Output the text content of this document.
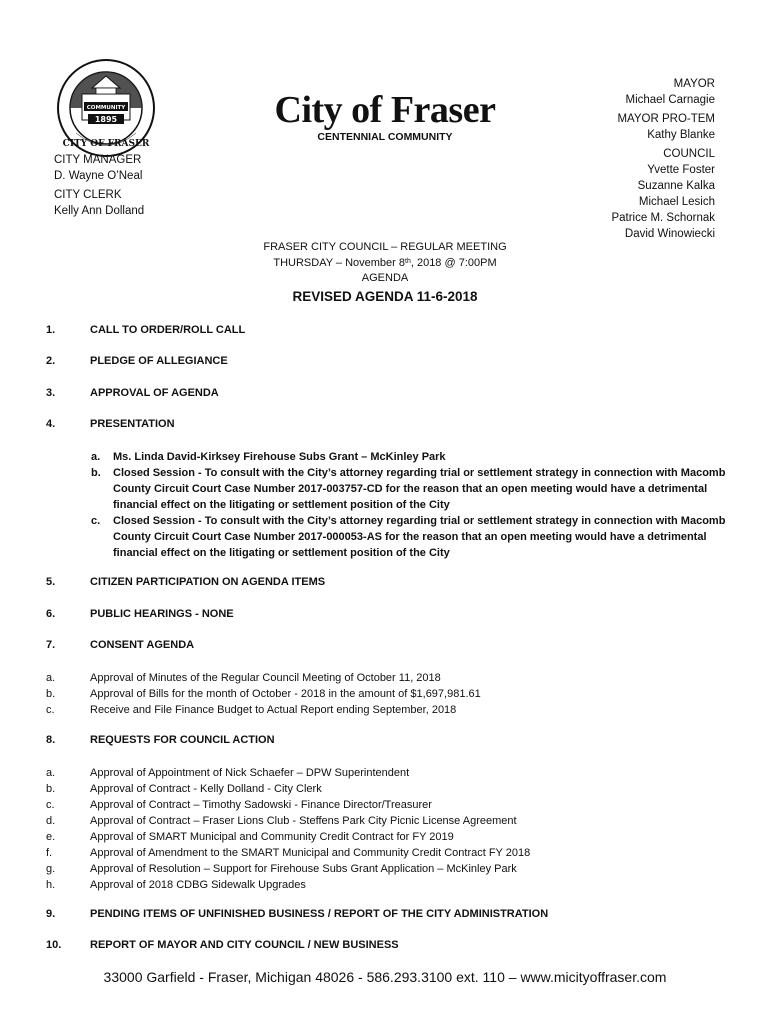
COMMUNITY
1895
CITY OF FRASER
City of Fraser
CENTENNIAL COMMUNITY
CITY MANAGER
D. Wayne O’Neal
CITY CLERK
Kelly Ann Dolland
MAYOR
Michael Carnagie
MAYOR PRO-TEM
Kathy Blanke
COUNCIL
Yvette Foster
Suzanne Kalka
Michael Lesich
Patrice M. Schornak
David Winowiecki
FRASER CITY COUNCIL – REGULAR MEETING
THURSDAY – November 8th, 2018 @ 7:00PM
AGENDA
REVISED AGENDA 11-6-2018
1.	CALL TO ORDER/ROLL CALL
2.	PLEDGE OF ALLEGIANCE
3.	APPROVAL OF AGENDA
4.	PRESENTATION
a. Ms. Linda David-Kirksey Firehouse Subs Grant – McKinley Park
b. Closed Session - To consult with the City’s attorney regarding trial or settlement strategy in connection with Macomb County Circuit Court Case Number 2017-003757-CD for the reason that an open meeting would have a detrimental financial effect on the litigating or settlement position of the City
c. Closed Session - To consult with the City’s attorney regarding trial or settlement strategy in connection with Macomb County Circuit Court Case Number 2017-000053-AS for the reason that an open meeting would have a detrimental financial effect on the litigating or settlement position of the City
5.	CITIZEN PARTICIPATION ON AGENDA ITEMS
6.	PUBLIC HEARINGS - NONE
7.	CONSENT AGENDA
a.	Approval of Minutes of the Regular Council Meeting of October 11, 2018
b.	Approval of Bills for the month of October - 2018 in the amount of $1,697,981.61
c.	Receive and File Finance Budget to Actual Report ending September, 2018
8.	REQUESTS FOR COUNCIL ACTION
a.	Approval of Appointment of Nick Schaefer – DPW Superintendent
b.	Approval of Contract - Kelly Dolland - City Clerk
c.	Approval of Contract – Timothy Sadowski - Finance Director/Treasurer
d.	Approval of Contract – Fraser Lions Club - Steffens Park City Picnic License Agreement
e.	Approval of SMART Municipal and Community Credit Contract for FY 2019
f.	Approval of Amendment to the SMART Municipal and Community Credit Contract FY 2018
g.	Approval of Resolution – Support for Firehouse Subs Grant Application – McKinley Park
h.	Approval of 2018 CDBG Sidewalk Upgrades
9.	PENDING ITEMS OF UNFINISHED BUSINESS / REPORT OF THE CITY ADMINISTRATION
10.	REPORT OF MAYOR AND CITY COUNCIL / NEW BUSINESS
33000 Garfield - Fraser, Michigan 48026 - 586.293.3100 ext. 110 – www.micityoffraser.com
